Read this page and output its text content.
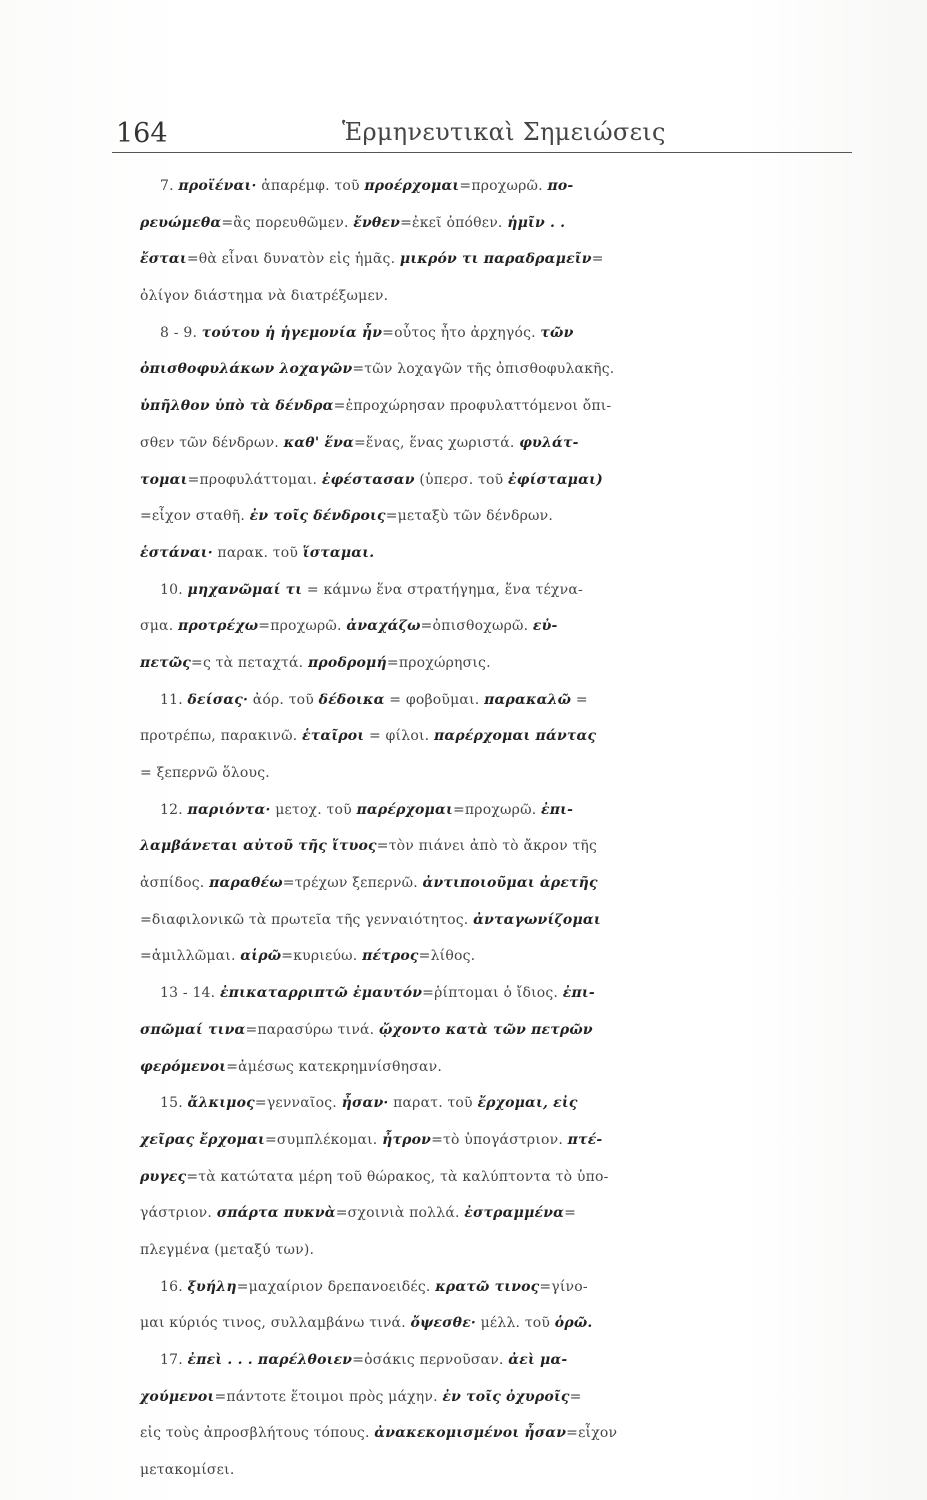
164	Ἑρμηνευτικαὶ Σημειώσεις
7. προϊέναι· ἀπαρέμφ. τοῦ προέρχομαι=προχωρῶ. πο-
ρευώμεθα=ἂς πορευθῶμεν. ἔνθεν=ἐκεῖ ὁπόθεν. ἡμῖν . .
ἔσται=θὰ εἶναι δυνατὸν εἰς ἡμᾶς. μικρόν τι παραδραμεῖν=
ὀλίγον διάστημα νὰ διατρέξωμεν.
8 - 9. τούτου ἡ ἡγεμονία ἦν=οὗτος ἦτο ἀρχηγός. τῶν
ὀπισθοφυλάκων λοχαγῶν=τῶν λοχαγῶν τῆς ὀπισθοφυλακῆς.
ὑπῆλθον ὑπὸ τὰ δένδρα=ἐπροχώρησαν προφυλαττόμενοι ὄπι-
σθεν τῶν δένδρων. καθ' ἕνα=ἕνας, ἕνας χωριστά. φυλάτ-
τομαι=προφυλάττομαι. ἐφέστασαν (ὑπερσ. τοῦ ἐφίσταμαι)
=εἶχον σταθῆ. ἐν τοῖς δένδροις=μεταξὺ τῶν δένδρων.
ἑστάναι· παρακ. τοῦ ἵσταμαι.
10. μηχανῶμαί τι = κάμνω ἕνα στρατήγημα, ἕνα τέχνα-
σμα. προτρέχω=προχωρῶ. ἀναχάζω=ὀπισθοχωρῶ. εὐ-
πετῶς=ς τὰ πεταχτά. προδρομή=προχώρησις.
11. δείσας· ἀόρ. τοῦ δέδοικα = φοβοῦμαι. παρακαλῶ =
προτρέπω, παρακινῶ. ἑταῖροι = φίλοι. παρέρχομαι πάντας
= ξεπερνῶ ὅλους.
12. παριόντα· μετοχ. τοῦ παρέρχομαι=προχωρῶ. ἐπι-
λαμβάνεται αὐτοῦ τῆς ἴτυος=τὸν πιάνει ἀπὸ τὸ ἄκρον τῆς
ἀσπίδος. παραθέω=τρέχων ξεπερνῶ. ἀντιποιοῦμαι ἀρετῆς
=διαφιλονικῶ τὰ πρωτεῖα τῆς γενναιότητος. ἀνταγωνίζομαι
=ἁμιλλῶμαι. αἱρῶ=κυριεύω. πέτρος=λίθος.
13 - 14. ἐπικαταρριπτῶ ἐμαυτόν=ῥίπτομαι ὁ ἴδιος. ἐπι-
σπῶμαί τινα=παρασύρω τινά. ᾤχοντο κατὰ τῶν πετρῶν
φερόμενοι=ἀμέσως κατεκρημνίσθησαν.
15. ἄλκιμος=γενναῖος. ἦσαν· παρατ. τοῦ ἔρχομαι, εἰς
χεῖρας ἔρχομαι=συμπλέκομαι. ἦτρον=τὸ ὑπογάστριον. πτέ-
ρυγες=τὰ κατώτατα μέρη τοῦ θώρακος, τὰ καλύπτοντα τὸ ὑπο-
γάστριον. σπάρτα πυκνὰ=σχοινιὰ πολλά. ἐστραμμένα=
πλεγμένα (μεταξύ των).
16. ξυήλη=μαχαίριον δρεπανοειδές. κρατῶ τινος=γίνο-
μαι κύριός τινος, συλλαμβάνω τινά. ὄψεσθε· μέλλ. τοῦ ὁρῶ.
17. ἐπεὶ . . . παρέλθοιεν=ὁσάκις περνοῦσαν. ἀεὶ μα-
χούμενοι=πάντοτε ἕτοιμοι πρὸς μάχην. ἐν τοῖς ὀχυροῖς=
εἰς τοὺς ἀπροσβλήτους τόπους. ἀνακεκομισμένοι ἦσαν=εἶχον
μετακομίσει.
